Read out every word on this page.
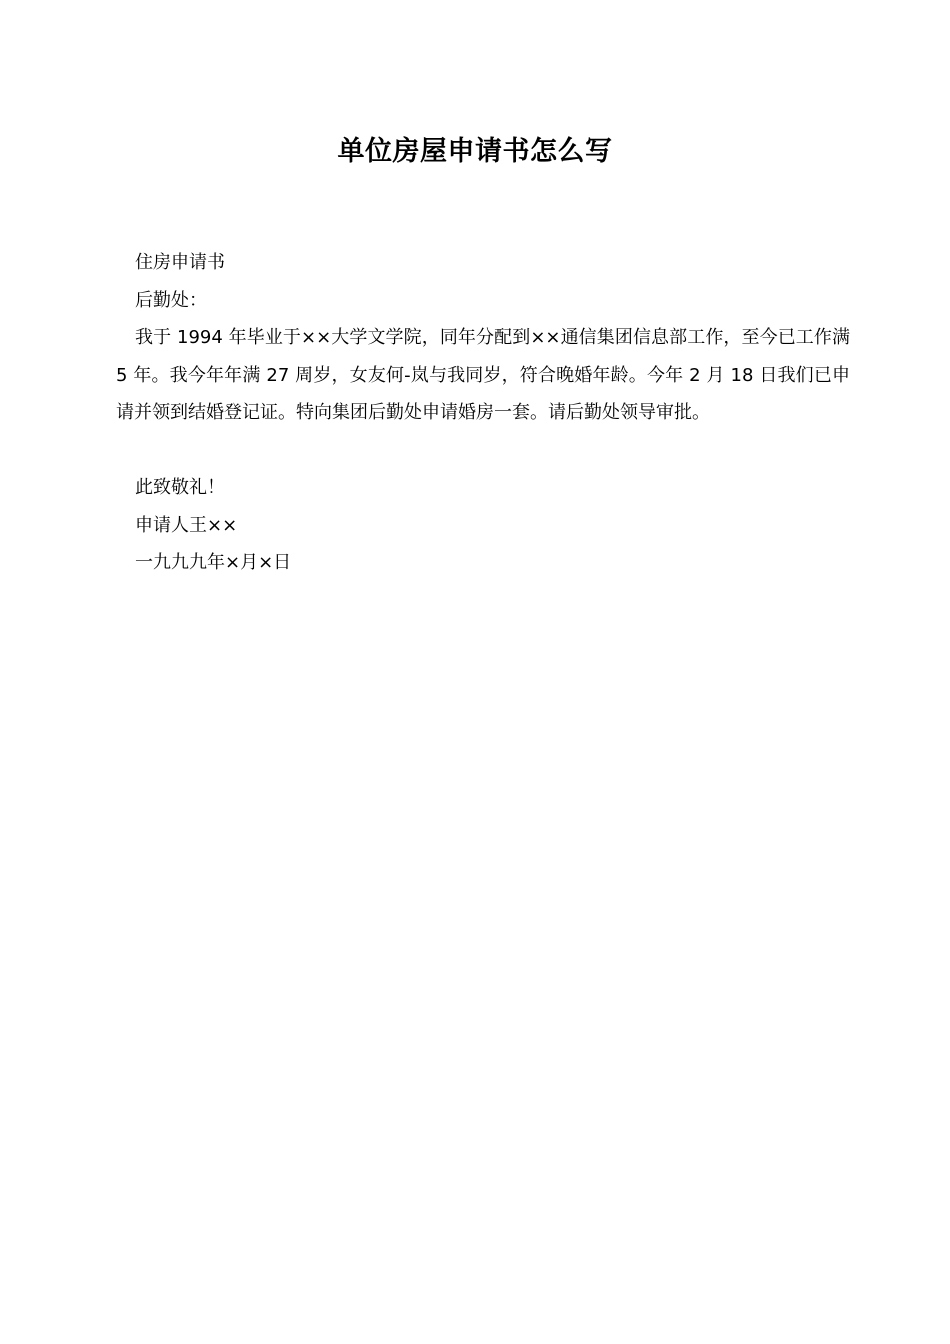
单位房屋申请书怎么写

住房申请书

后勤处：

我于 1994 年毕业于××大学文学院，同年分配到××通信集团信息部工作，至今已工作满 5 年。我今年年满 27 周岁，女友何-岚与我同岁，符合晚婚年龄。今年 2 月 18 日我们已申请并领到结婚登记证。特向集团后勤处申请婚房一套。请后勤处领导审批。

此致敬礼！

申请人王××

一九九九年×月×日
